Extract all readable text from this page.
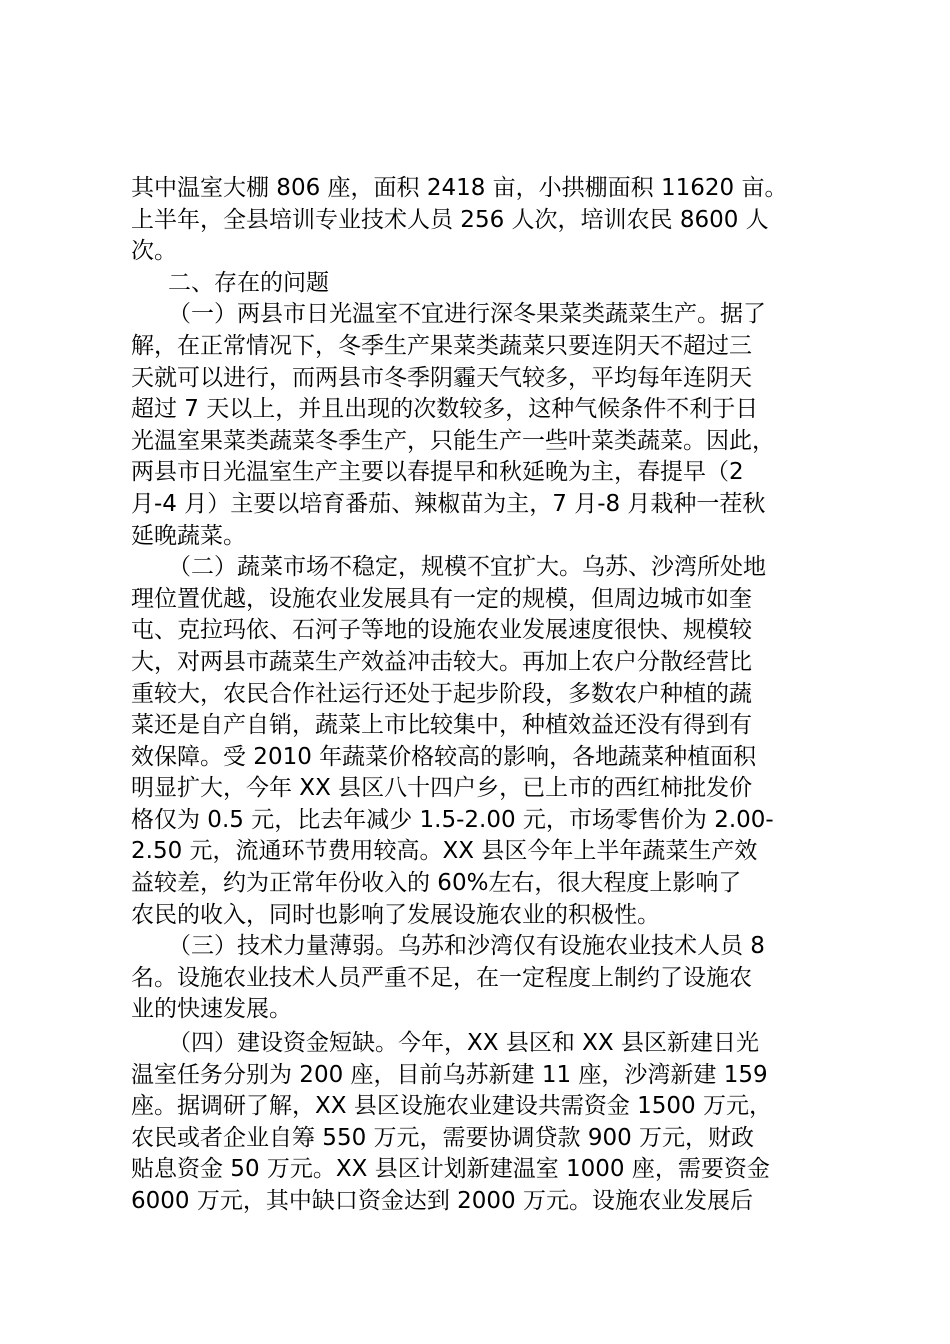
其中温室大棚 806 座，面积 2418 亩，小拱棚面积 11620 亩。
上半年，全县培训专业技术人员 256 人次，培训农民 8600 人
次。
二、存在的问题
（一）两县市日光温室不宜进行深冬果菜类蔬菜生产。据了
解，在正常情况下，冬季生产果菜类蔬菜只要连阴天不超过三
天就可以进行，而两县市冬季阴霾天气较多，平均每年连阴天
超过 7 天以上，并且出现的次数较多，这种气候条件不利于日
光温室果菜类蔬菜冬季生产，只能生产一些叶菜类蔬菜。因此，
两县市日光温室生产主要以春提早和秋延晚为主，春提早（2
月-4 月）主要以培育番茄、辣椒苗为主，7 月-8 月栽种一茬秋
延晚蔬菜。
（二）蔬菜市场不稳定，规模不宜扩大。乌苏、沙湾所处地
理位置优越，设施农业发展具有一定的规模，但周边城市如奎
屯、克拉玛依、石河子等地的设施农业发展速度很快、规模较
大，对两县市蔬菜生产效益冲击较大。再加上农户分散经营比
重较大，农民合作社运行还处于起步阶段，多数农户种植的蔬
菜还是自产自销，蔬菜上市比较集中，种植效益还没有得到有
效保障。受 2010 年蔬菜价格较高的影响，各地蔬菜种植面积
明显扩大，今年 XX 县区八十四户乡，已上市的西红柿批发价
格仅为 0.5 元，比去年减少 1.5-2.00 元，市场零售价为 2.00-
2.50 元，流通环节费用较高。XX 县区今年上半年蔬菜生产效
益较差，约为正常年份收入的 60%左右，很大程度上影响了
农民的收入，同时也影响了发展设施农业的积极性。
（三）技术力量薄弱。乌苏和沙湾仅有设施农业技术人员 8
名。设施农业技术人员严重不足，在一定程度上制约了设施农
业的快速发展。
（四）建设资金短缺。今年，XX 县区和 XX 县区新建日光
温室任务分别为 200 座，目前乌苏新建 11 座，沙湾新建 159
座。据调研了解，XX 县区设施农业建设共需资金 1500 万元，
农民或者企业自筹 550 万元，需要协调贷款 900 万元，财政
贴息资金 50 万元。XX 县区计划新建温室 1000 座，需要资金
6000 万元，其中缺口资金达到 2000 万元。设施农业发展后
